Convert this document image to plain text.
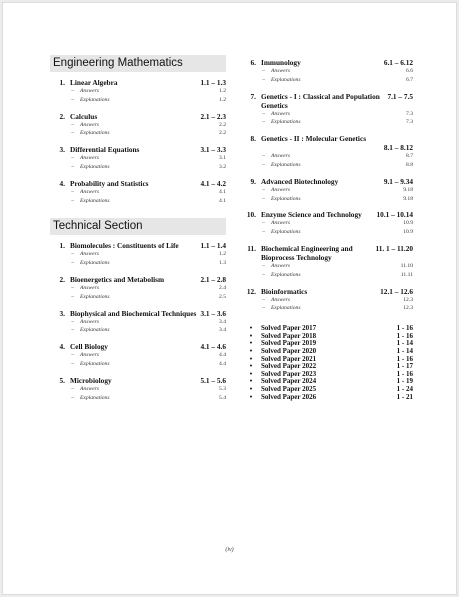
Engineering Mathematics
1. Linear Algebra	1.1 – 1.3
–	Answers	1.2
–	Explanations	1.2
2. Calculus	2.1 – 2.3
–	Answers	2.2
–	Explanations	2.2
3. Differential Equations	3.1 – 3.3
–	Answers	3.1
–	Explanations	3.2
4. Probability and Statistics	4.1 – 4.2
–	Answers	4.1
–	Explanations	4.1
Technical Section
1. Biomolecules : Constituents of Life	1.1 – 1.4
–	Answers	1.2
–	Explanations	1.3
2. Bioenergetics and Metabolism	2.1 – 2.8
–	Answers	2.4
–	Explanations	2.5
3. Biophysical and Biochemical Techniques 3.1 – 3.6
–	Answers	3.4
–	Explanations	3.4
4. Cell Biology	4.1 – 4.6
–	Answers	4.4
–	Explanations	4.4
5. Microbiology	5.1 – 5.6
–	Answers	5.3
–	Explanations	5.4
6. Immunology	6.1 – 6.12
–	Answers	6.6
–	Explanations	6.7
7. Genetics - I : Classical and Population Genetics
7.1 – 7.5
–	Answers	7.3
–	Explanations	7.3
8. Genetics - II : Molecular Genetics
8.1 – 8.12
–	Answers	8.7
–	Explanations	8.8
9. Advanced Biotechnology	9.1 – 9.34
–	Answers	9.18
–	Explanations	9.18
10. Enzyme Science and Technology	10.1 – 10.14
–	Answers	10.9
–	Explanations	10.9
11. Biochemical Engineering and Bioprocess Technology
11. 1 – 11.20
–	Answers	11.10
–	Explanations	11.11
12. Bioinformatics	12.1 – 12.6
–	Answers	12.3
–	Explanations	12.3
•	Solved Paper 2017	1 - 16
•	Solved Paper 2018	1 - 16
•	Solved Paper 2019	1 - 14
•	Solved Paper 2020	1 - 14
•	Solved Paper 2021	1 - 16
•	Solved Paper 2022	1 - 17
•	Solved Paper 2023	1 - 16
•	Solved Paper 2024	1 - 19
•	Solved Paper 2025	1 - 24
•	Solved Paper 2026	1 - 21
(iv)
